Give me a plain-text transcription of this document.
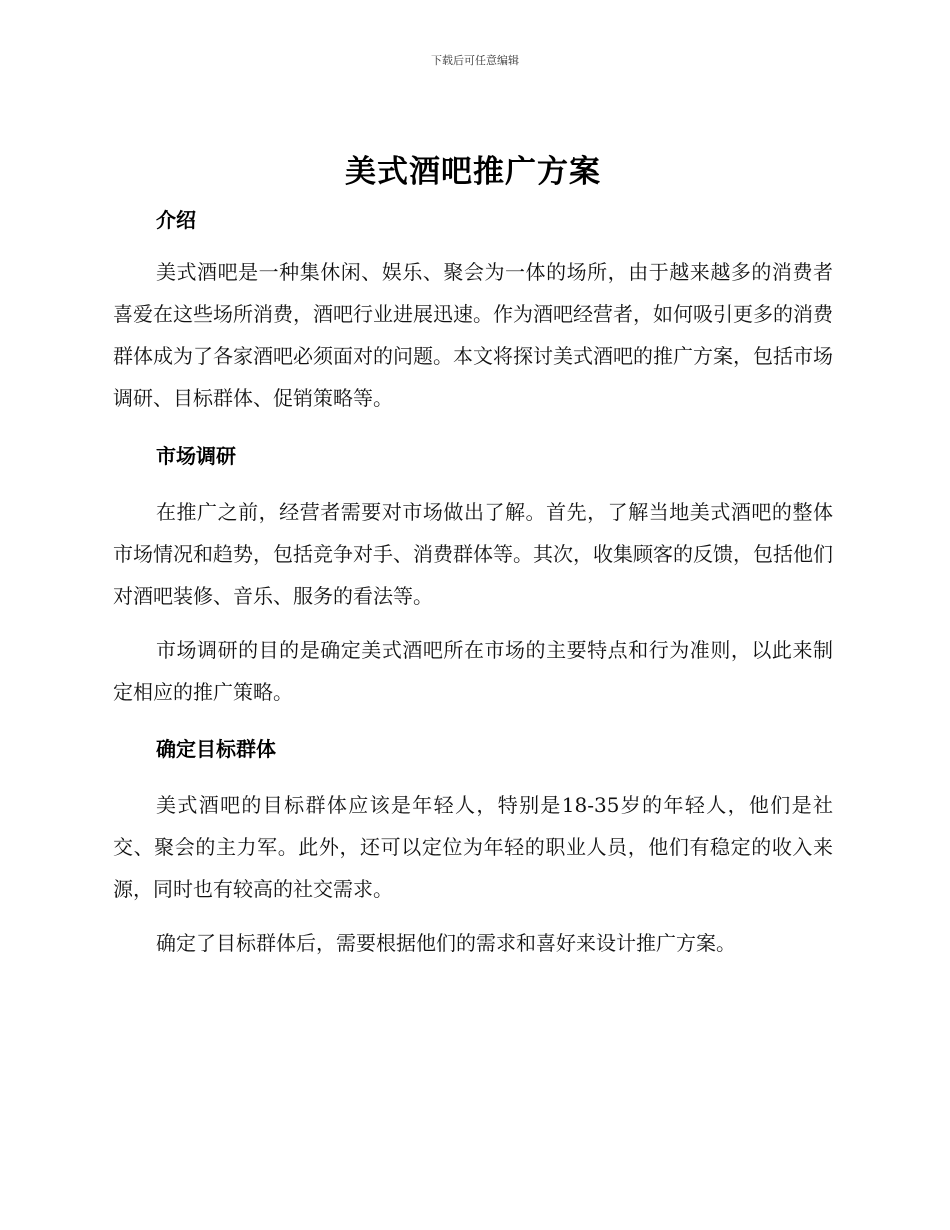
下载后可任意编辑
美式酒吧推广方案
介绍

美式酒吧是一种集休闲、娱乐、聚会为一体的场所，由于越来越多的消费者喜爱在这些场所消费，酒吧行业进展迅速。作为酒吧经营者，如何吸引更多的消费群体成为了各家酒吧必须面对的问题。本文将探讨美式酒吧的推广方案，包括市场调研、目标群体、促销策略等。

市场调研

在推广之前，经营者需要对市场做出了解。首先，了解当地美式酒吧的整体市场情况和趋势，包括竞争对手、消费群体等。其次，收集顾客的反馈，包括他们对酒吧装修、音乐、服务的看法等。

市场调研的目的是确定美式酒吧所在市场的主要特点和行为准则，以此来制定相应的推广策略。

确定目标群体

美式酒吧的目标群体应该是年轻人，特别是18-35岁的年轻人，他们是社交、聚会的主力军。此外，还可以定位为年轻的职业人员，他们有稳定的收入来源，同时也有较高的社交需求。

确定了目标群体后，需要根据他们的需求和喜好来设计推广方案。
